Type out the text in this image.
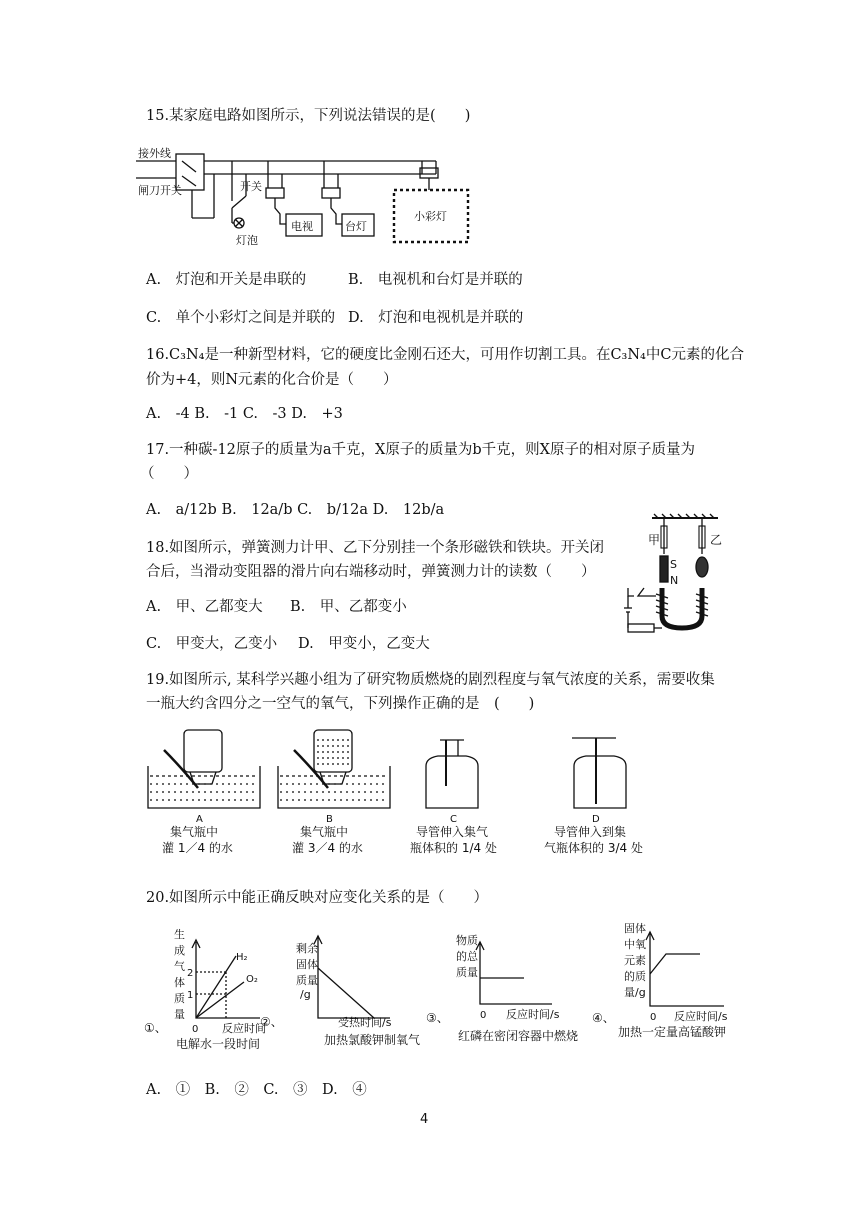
15.某家庭电路如图所示，下列说法错误的是(　　)
接外线
闸刀开关	开关
灯泡
电视	台灯
小彩灯
A.　灯泡和开关是串联的	B.　电视机和台灯是并联的
C.　单个小彩灯之间是并联的 D.　灯泡和电视机是并联的
16.C₃N₄是一种新型材料，它的硬度比金刚石还大，可用作切割工具。在C₃N₄中C元素的化合
价为+4，则N元素的化合价是（　　）
A.　-4 B.　-1 C.　-3 D.　+3
17.一种碳-12原子的质量为a千克，X原子的质量为b千克，则X原子的相对原子质量为
（　　）
A.　a/12b B.　12a/b C.　b/12a D.　12b/a
18.如图所示，弹簧测力计甲、乙下分别挂一个条形磁铁和铁块。开关闭
合后，当滑动变阻器的滑片向右端移动时，弹簧测力计的读数（　　）
甲	乙
S
N
A.　甲、乙都变大 B.　甲、乙都变小
C.　甲变大，乙变小 D.　甲变小，乙变大
19.如图所示, 某科学兴趣小组为了研究物质燃烧的剧烈程度与氧气浓度的关系，需要收集
一瓶大约含四分之一空气的氧气，下列操作正确的是　(　　)
A
集气瓶中
灌 1／4 的水
B
集气瓶中
灌 3／4 的水
C
导管伸入集气
瓶体积的 1/4 处
D
导管伸入到集
气瓶体积的 3/4 处
20.如图所示中能正确反映对应变化关系的是（　　）
生
成
气
体
质
量
2
1
H₂
O₂
0 反应时间
①、
电解水一段时间
剩余
固体
质量
/g
受热时间/s
②、
加热氯酸钾制氧气
物质
的总
质量
0 反应时间/s
③、
红磷在密闭容器中燃烧
固体
中氧
元素
的质
量/g
0 反应时间/s
④、
加热一定量高锰酸钾
A.　①　B.　②　C.　③　D.　④
4
